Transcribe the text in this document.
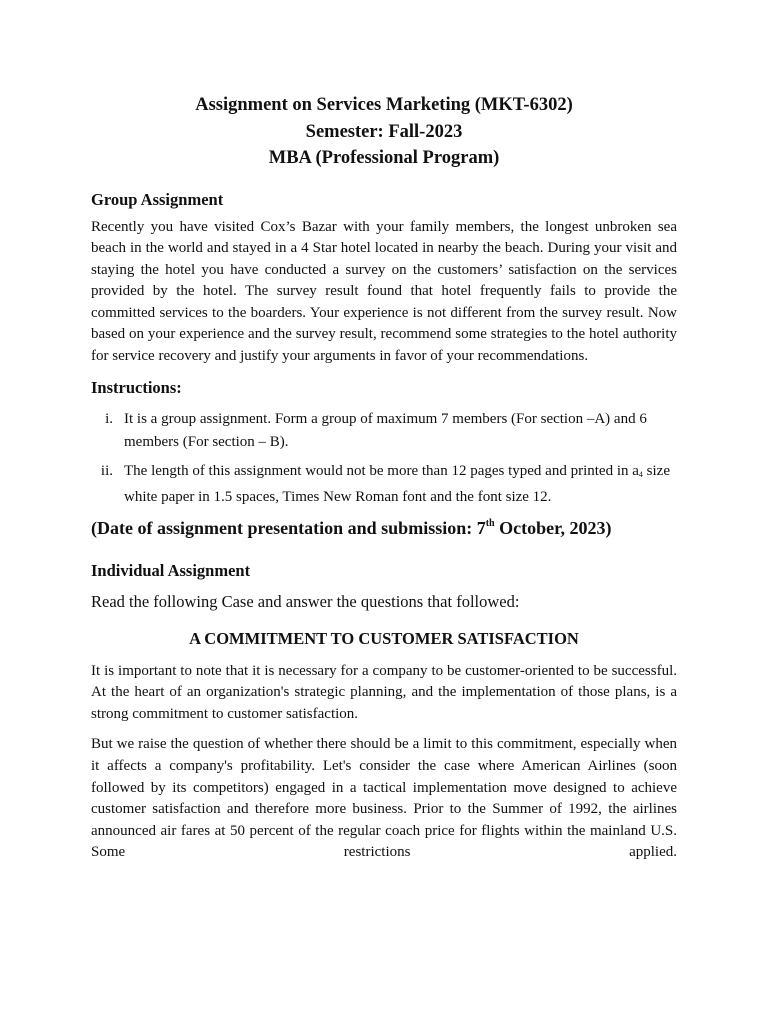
Assignment on Services Marketing (MKT-6302)
Semester: Fall-2023
MBA (Professional Program)
Group Assignment

Recently you have visited Cox’s Bazar with your family members, the longest unbroken sea beach in the world and stayed in a 4 Star hotel located in nearby the beach. During your visit and staying the hotel you have conducted a survey on the customers’ satisfaction on the services provided by the hotel. The survey result found that hotel frequently fails to provide the committed services to the boarders. Your experience is not different from the survey result. Now based on your experience and the survey result, recommend some strategies to the hotel authority for service recovery and justify your arguments in favor of your recommendations.

Instructions:
i. It is a group assignment. Form a group of maximum 7 members (For section –A) and 6 members (For section – B).
ii. The length of this assignment would not be more than 12 pages typed and printed in a4 size white paper in 1.5 spaces, Times New Roman font and the font size 12.
(Date of assignment presentation and submission: 7th October, 2023)
Individual Assignment
Read the following Case and answer the questions that followed:
A COMMITMENT TO CUSTOMER SATISFACTION

It is important to note that it is necessary for a company to be customer-oriented to be successful. At the heart of an organization's strategic planning, and the implementation of those plans, is a strong commitment to customer satisfaction.

But we raise the question of whether there should be a limit to this commitment, especially when it affects a company's profitability. Let's consider the case where American Airlines (soon followed by its competitors) engaged in a tactical implementation move designed to achieve customer satisfaction and therefore more business. Prior to the Summer of 1992, the airlines announced air fares at 50 percent of the regular coach price for flights within the mainland U.S. Some restrictions applied.
